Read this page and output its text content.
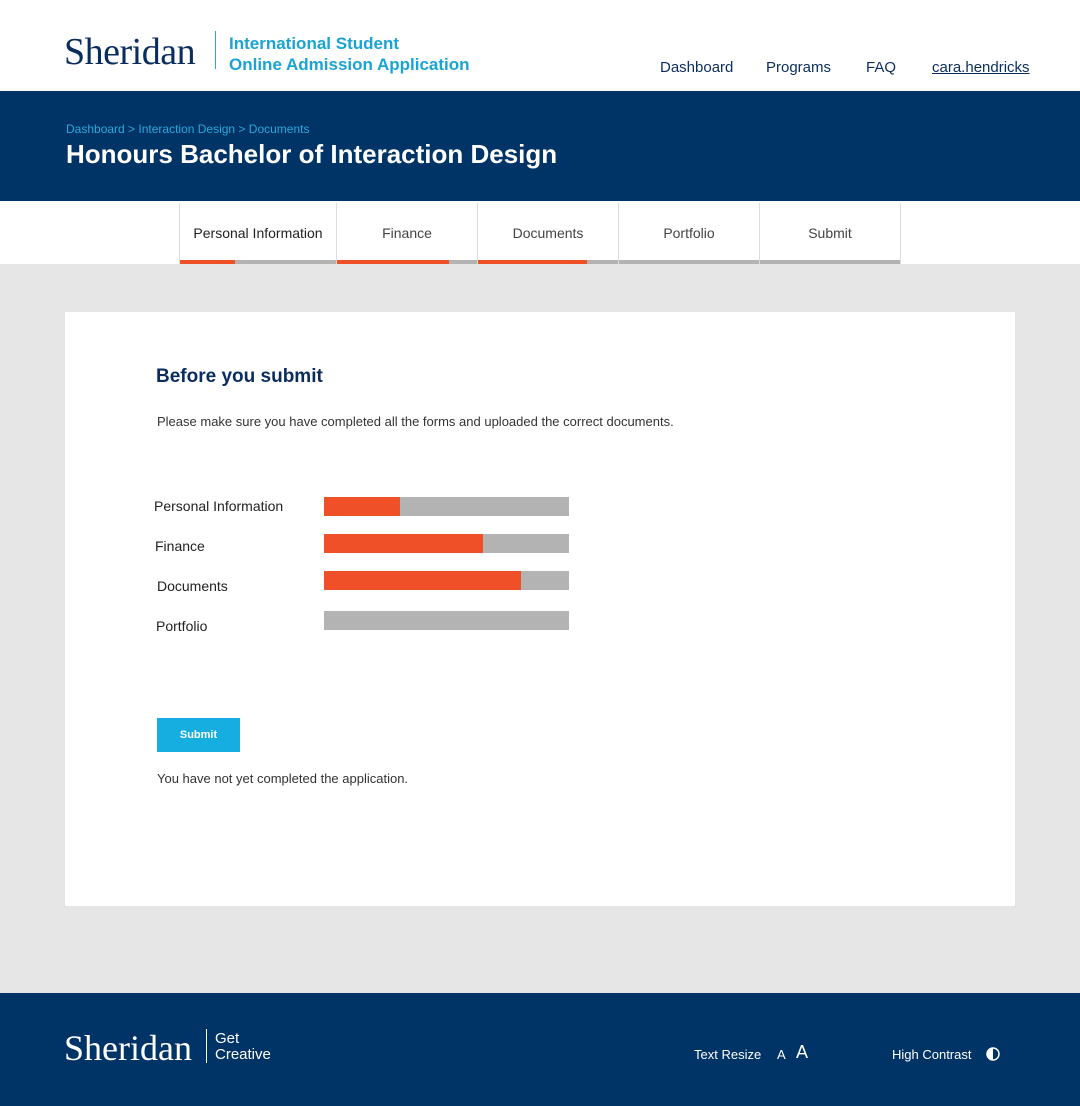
Sheridan International Student
Online Admission Application	Dashboard Programs FAQ cara.hendricks
Dashboard > Interaction Design > Documents
Honours Bachelor of Interaction Design
Personal Information	Finance	Documents	Portfolio	Submit
Before you submit

Please make sure you have completed all the forms and uploaded the correct documents.

Personal Information
Finance
Documents
Portfolio
Submit

You have not yet completed the application.

Sheridan Get
Creative	Text Resize A A	High Contrast
